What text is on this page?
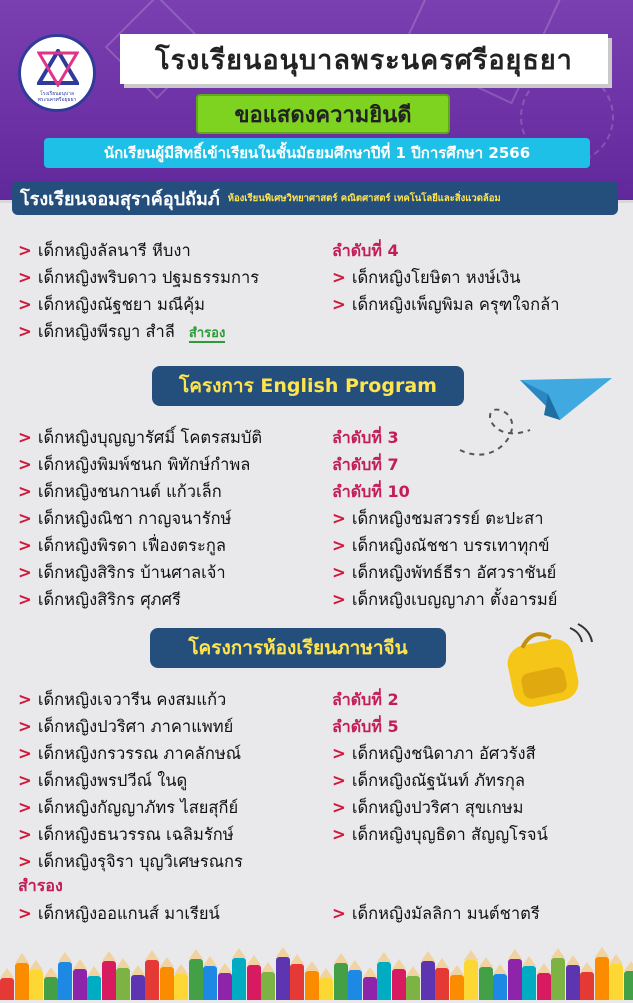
โรงเรียนอนุบาลพระนครศรีอยุธยา
โรงเรียนอนุบาลพระนครศรีอยุธยา
ขอแสดงความยินดี
นักเรียนผู้มีสิทธิ์เข้าเรียนในชั้นมัธยมศึกษาปีที่ 1 ปีการศึกษา 2566
โรงเรียนจอมสุราค์อุปถัมภ์ ห้องเรียนพิเศษวิทยาศาสตร์ คณิตศาสตร์ เทคโนโลยีและสิ่งแวดล้อม
> เด็กหญิงลัลนารี หีบงา
> เด็กหญิงพริบดาว ปฐมธรรมการ
> เด็กหญิงณัฐชยา มณีคุ้ม
> เด็กหญิงพีรญา สำลี สำรอง
ลำดับที่ 4
> เด็กหญิงโยษิตา หงษ์เงิน
> เด็กหญิงเพ็ญพิมล ครุฑใจกล้า
โครงการ English Program
> เด็กหญิงบุญญารัศมิ์ โคตรสมบัติ
> เด็กหญิงพิมพ์ชนก พิทักษ์กำพล
> เด็กหญิงชนกานต์ แก้วเล็ก
> เด็กหญิงณิชา กาญจนารักษ์
> เด็กหญิงพิรดา เฟื่องตระกูล
> เด็กหญิงสิริกร บ้านศาลเจ้า
> เด็กหญิงสิริกร ศุภศรี
ลำดับที่ 3
ลำดับที่ 7
ลำดับที่ 10
> เด็กหญิงชมสวรรย์ ตะปะสา
> เด็กหญิงณัชชา บรรเทาทุกข์
> เด็กหญิงพัทธ์ธีรา อัศวราชันย์
> เด็กหญิงเบญญาภา ตั้งอารมย์
โครงการห้องเรียนภาษาจีน
> เด็กหญิงเจวารีน คงสมแก้ว
> เด็กหญิงปวริศา ภาคาแพทย์
> เด็กหญิงกรวรรณ ภาคลักษณ์
> เด็กหญิงพรปวีณ์ ในดู
> เด็กหญิงกัญญาภัทร ไสยสุกีย์
> เด็กหญิงธนวรรณ เฉลิมรักษ์
> เด็กหญิงรุจิรา บุญวิเศษรณกร
ลำดับที่ 2
ลำดับที่ 5
> เด็กหญิงชนิดาภา อัศวรังสี
> เด็กหญิงณัฐนันท์ ภัทรกุล
> เด็กหญิงปวริศา สุขเกษม
> เด็กหญิงบุญธิดา สัญญโรจน์
สำรอง
> เด็กหญิงออแกนส์ มาเรียน์	> เด็กหญิงมัลลิกา มนต์ชาตรี
